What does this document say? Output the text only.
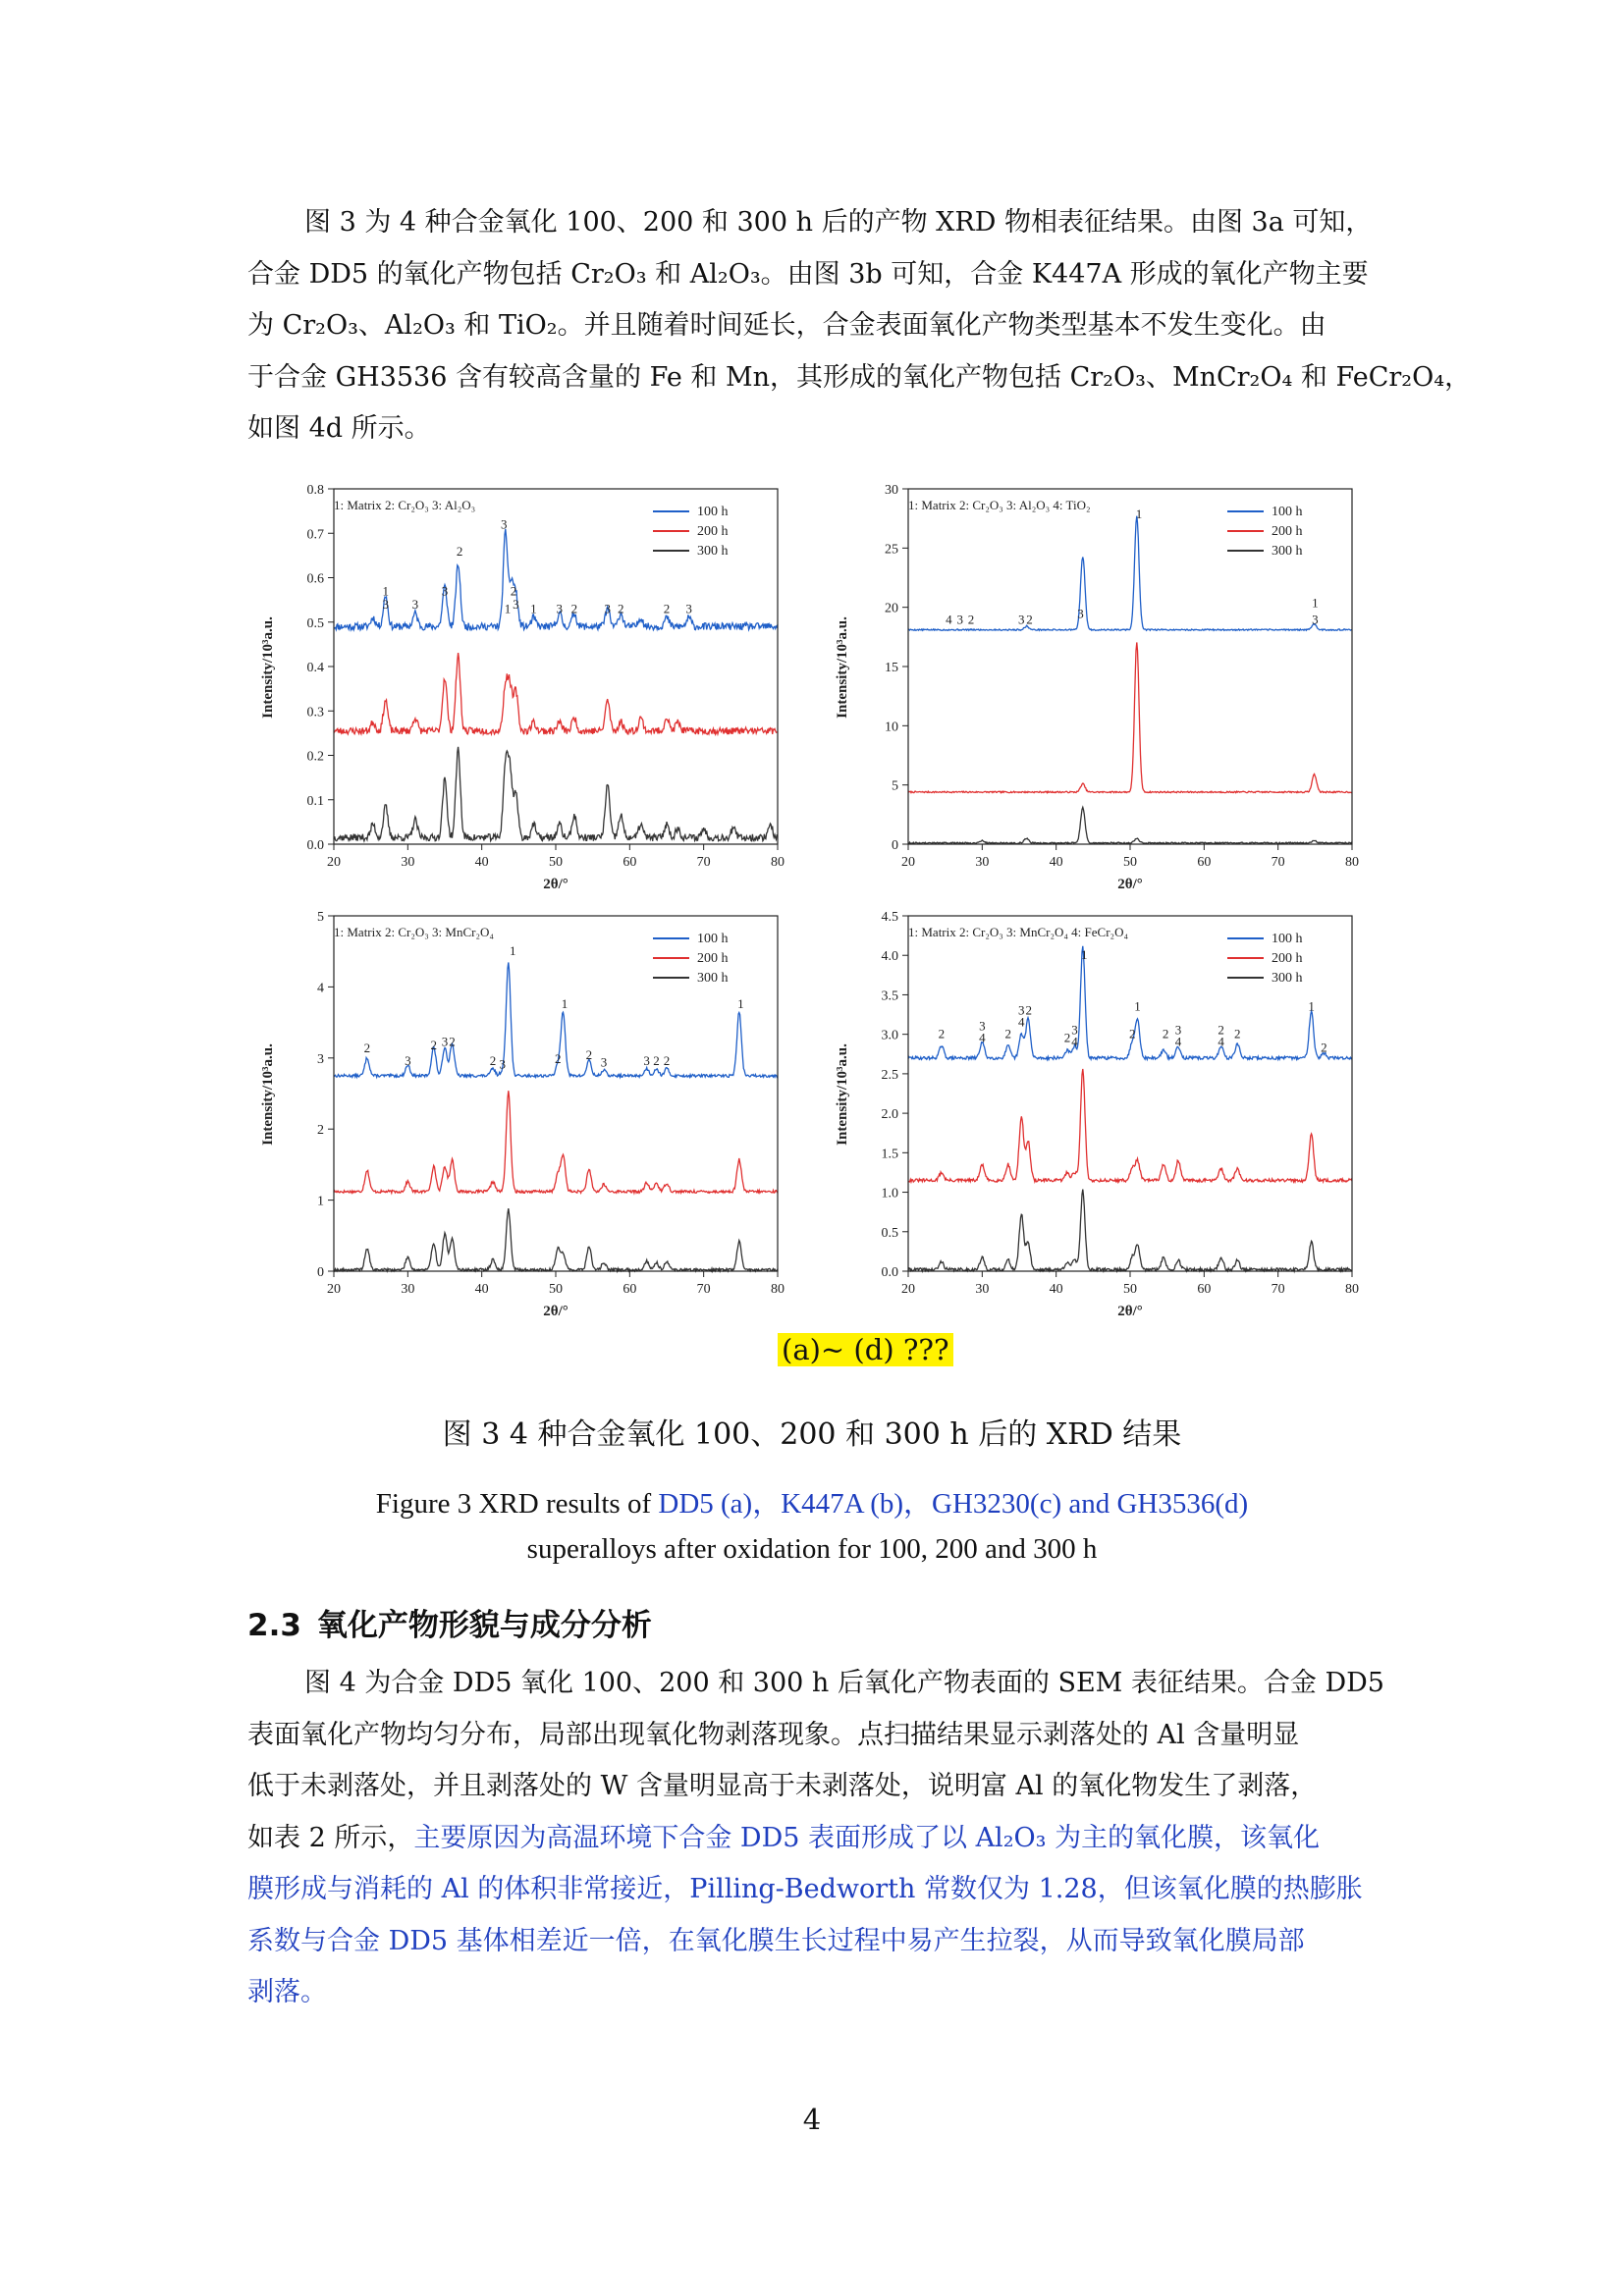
图 3 为 4 种合金氧化 100、200 和 300 h 后的产物 XRD 物相表征结果。由图 3a 可知，
合金 DD5 的氧化产物包括 Cr₂O₃ 和 Al₂O₃。由图 3b 可知，合金 K447A 形成的氧化产物主要
为 Cr₂O₃、Al₂O₃ 和 TiO₂。并且随着时间延长，合金表面氧化产物类型基本不发生变化。由
于合金 GH3536 含有较高含量的 Fe 和 Mn，其形成的氧化产物包括 Cr₂O₃、MnCr₂O₄ 和 FeCr₂O₄，
如图 4d 所示。
20	30	40	50	60	70	80
0.0
0.1
0.2
0.3
0.4
0.5
0.6
0.7
0.8
1
3 3
3
2
3
1
2
3 1 3 2 3 2	2 3
1: Matrix 2: Cr₂O₃ 3: Al₂O₃
Intensity/10³a.u.
2θ/°
100 h
200 h
300 h
20	30	40	50	60	70	80
0
5
10
15
20
25
30
4 3 2	3 2	3
1
1
3
1: Matrix 2: Cr₂O₃ 3: Al₂O₃ 4: TiO₂
Intensity/10³a.u.
2θ/°
100 h
200 h
300 h
20	30	40	50	60	70	80
0
1
2
3
4
5
2
3
2 3 2
2 3
1
2
1
2 3	3 2 2
1
1: Matrix 2: Cr₂O₃ 3: MnCr₂O₄
Intensity/10³a.u.
2θ/°
100 h
200 h
300 h
20	30	40	50	60	70	80
0.0
0.5
1.0
1.5
2.0
2.5
3.0
3.5
4.0
4.5
2
3
4 2
3
4
2
2
3
4
1
2
1
2 3
4
2
4
2
1
2
1: Matrix 2: Cr₂O₃ 3: MnCr₂O₄ 4: FeCr₂O₄
Intensity/10³a.u.
2θ/°
100 h
200 h
300 h
(a)~ (d) ???

图 3 4 种合金氧化 100、200 和 300 h 后的 XRD 结果

Figure 3 XRD results of DD5 (a)，K447A (b)，GH3230(c) and GH3536(d)

superalloys after oxidation for 100, 200 and 300 h

2.3 氧化产物形貌与成分分析
图 4 为合金 DD5 氧化 100、200 和 300 h 后氧化产物表面的 SEM 表征结果。合金 DD5
表面氧化产物均匀分布，局部出现氧化物剥落现象。点扫描结果显示剥落处的 Al 含量明显
低于未剥落处，并且剥落处的 W 含量明显高于未剥落处，说明富 Al 的氧化物发生了剥落，
如表 2 所示，主要原因为高温环境下合金 DD5 表面形成了以 Al₂O₃ 为主的氧化膜，该氧化
膜形成与消耗的 Al 的体积非常接近，Pilling-Bedworth 常数仅为 1.28，但该氧化膜的热膨胀
系数与合金 DD5 基体相差近一倍，在氧化膜生长过程中易产生拉裂，从而导致氧化膜局部
剥落。
4
